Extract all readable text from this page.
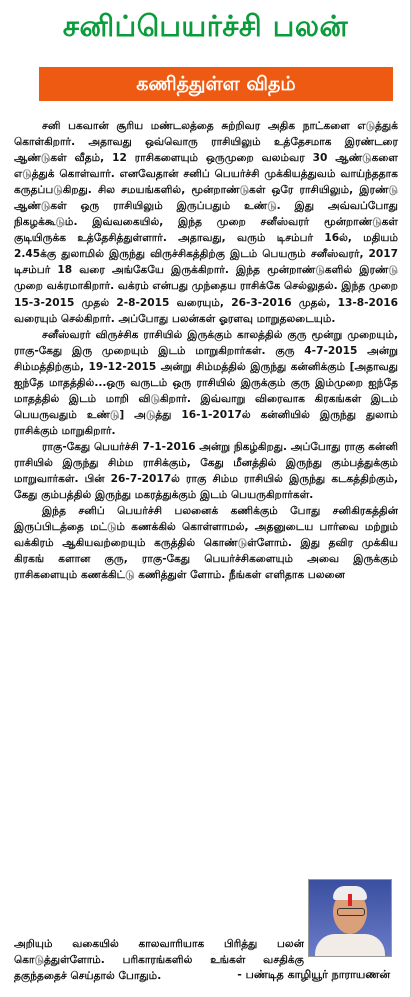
சனிப்பெயர்ச்சி பலன்
கணித்துள்ள விதம்

சனி பகவான் சூரிய மண்டலத்தை சுற்றிவர அதிக நாட்களை எடுத்துக் கொள்கிறார். அதாவது ஒவ்வொரு ராசியிலும் உத்தேசமாக இரண்டரை ஆண்டுகள் வீதம், 12 ராசிகளையும் ஒருமுறை வலம்வர 30 ஆண்டுகளை எடுத்துக் கொள்வார். எனவேதான் சனிப் பெயர்ச்சி முக்கியத்துவம் வாய்ந்ததாக கருதப்படுகிறது. சில சமயங்களில், மூன்றாண்டுகள் ஒரே ராசியிலும், இரண்டு ஆண்டுகள் ஒரு ராசியிலும் இருப்பதும் உண்டு. இது அவ்வப்போது நிகழக்கூடும். இவ்வகையில், இந்த முறை சனீஸ்வரர் மூன்றாண்டுகள் குடியிருக்க உத்தேசித்துள்ளார். அதாவது, வரும் டிசம்பர் 16ல், மதியம் 2.45க்கு துலாமில் இருந்து விருச்சிகத்திற்கு இடம் பெயரும் சனீஸ்வரர், 2017 டிசம்பர் 18 வரை அங்கேயே இருக்கிறார். இந்த மூன்றாண்டுகளில் இரண்டு முறை வக்ரமாகிறார். வக்ரம் என்பது முந்தைய ராசிக்கே செல்லுதல். இந்த முறை 15-3-2015 முதல் 2-8-2015 வரையும், 26-3-2016 முதல், 13-8-2016 வரையும் செல்கிறார். அப்போது பலன்கள் ஓரளவு மாறுதலடையும்.

சனீஸ்வரர் விருச்சிக ராசியில் இருக்கும் காலத்தில் குரு மூன்று முறையும், ராகு-கேது இரு முறையும் இடம் மாறுகிறார்கள். குரு 4-7-2015 அன்று சிம்மத்திற்கும், 19-12-2015 அன்று சிம்மத்தில் இருந்து கன்னிக்கும் [அதாவது ஐந்தே மாதத்தில்...ஒரு வருடம் ஒரு ராசியில் இருக்கும் குரு இம்முறை ஐந்தே மாதத்தில் இடம் மாறி விடுகிறார். இவ்வாறு விரைவாக கிரகங்கள் இடம் பெயருவதும் உண்டு] அடுத்து 16-1-2017ல் கன்னியில் இருந்து துலாம் ராசிக்கும் மாறுகிறார்.

ராகு-கேது பெயர்ச்சி 7-1-2016 அன்று நிகழ்கிறது. அப்போது ராகு கன்னி ராசியில் இருந்து சிம்ம ராசிக்கும், கேது மீனத்தில் இருந்து கும்பத்துக்கும் மாறுவார்கள். பின் 26-7-2017ல் ராகு சிம்ம ராசியில் இருந்து கடகத்திற்கும், கேது கும்பத்தில் இருந்து மகரத்துக்கும் இடம் பெயருகிறார்கள்.

இந்த சனிப் பெயர்ச்சி பலனைக் கணிக்கும் போது சனிகிரகத்தின் இருப்பிடத்தை மட்டும் கணக்கில் கொள்ளாமல், அதனுடைய பார்வை மற்றும் வக்கிரம் ஆகியவற்றையும் கருத்தில் கொண்டுள்ளோம். இது தவிர முக்கிய கிரகங் களான குரு, ராகு-கேது பெயர்ச்சிகளையும் அவை இருக்கும் ராசிகளையும் கணக்கிட்டு கணித்துள் ளோம். நீங்கள் எளிதாக பலனை

அறியும் வகையில் காலவாரியாக பிரித்து பலன் கொடுத்துள்ளோம். பரிகாரங்களில் உங்கள் வசதிக்கு தகுந்ததைச் செய்தால் போதும்.	- பண்டித காழியூர் நாராயணன்
